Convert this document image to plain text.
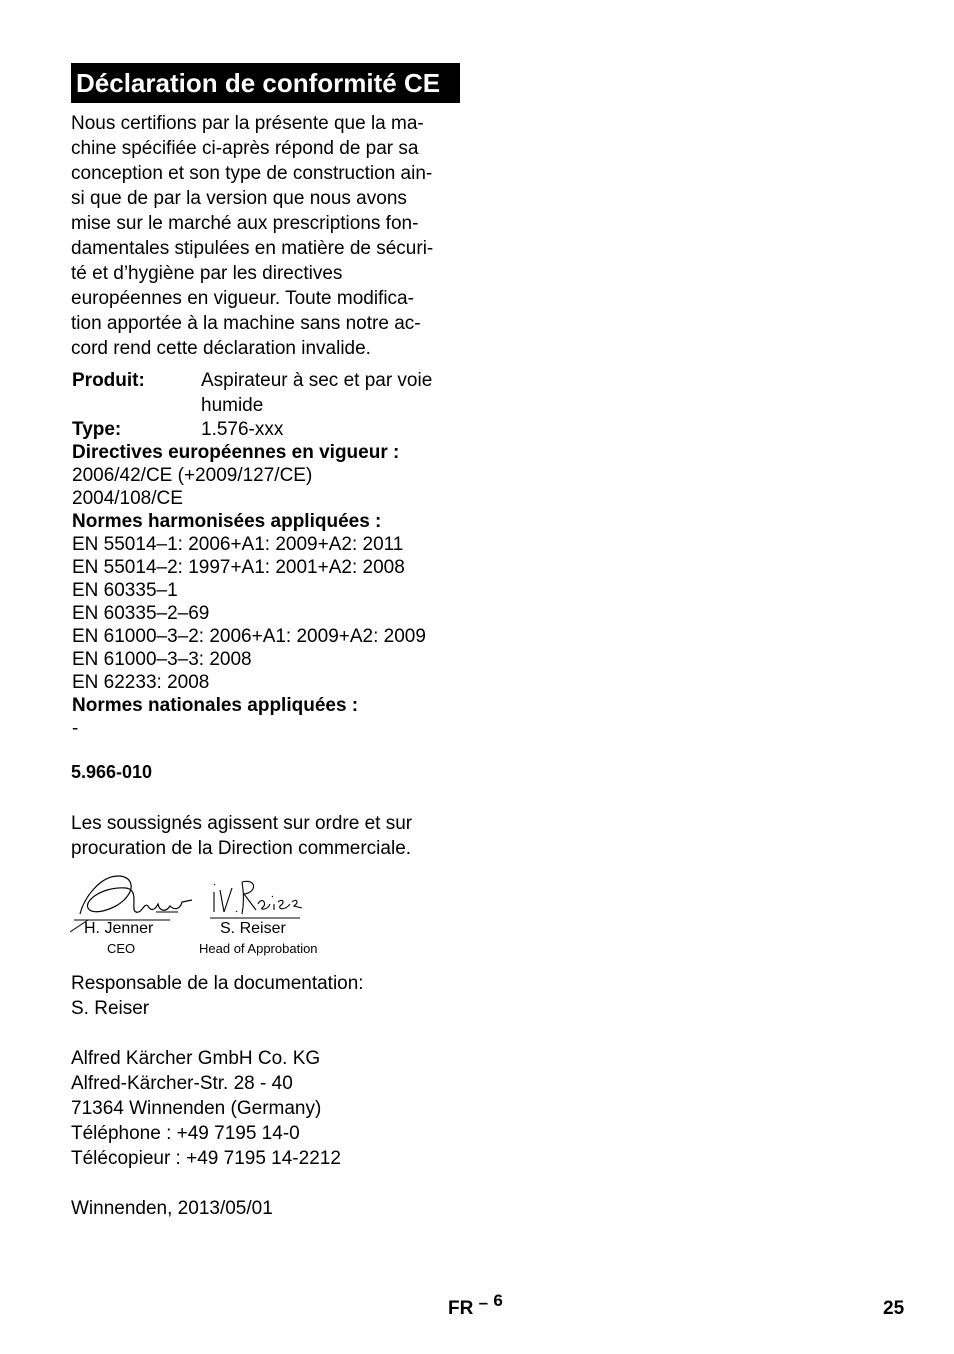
Déclaration de conformité CE
Nous certifions par la présente que la ma-
chine spécifiée ci-après répond de par sa
conception et son type de construction ain-
si que de par la version que nous avons
mise sur le marché aux prescriptions fon-
damentales stipulées en matière de sécuri-
té et d’hygiène par les directives
européennes en vigueur. Toute modifica-
tion apportée à la machine sans notre ac-
cord rend cette déclaration invalide.
Produit:	Aspirateur à sec et par voie humide
Type:	1.576-xxx
Directives européennes en vigueur :
2006/42/CE (+2009/127/CE)
2004/108/CE
Normes harmonisées appliquées :
EN 55014–1: 2006+A1: 2009+A2: 2011
EN 55014–2: 1997+A1: 2001+A2: 2008
EN 60335–1
EN 60335–2–69
EN 61000–3–2: 2006+A1: 2009+A2: 2009
EN 61000–3–3: 2008
EN 62233: 2008
Normes nationales appliquées :
-
5.966-010
Les soussignés agissent sur ordre et sur
procuration de la Direction commerciale.
H. Jenner
CEO
S. Reiser
Head of Approbation
Responsable de la documentation:
S. Reiser
Alfred Kärcher GmbH Co. KG
Alfred-Kärcher-Str. 28 - 40
71364 Winnenden (Germany)
Téléphone : +49 7195 14-0
Télécopieur : +49 7195 14-2212
Winnenden, 2013/05/01
FR – 6	25
